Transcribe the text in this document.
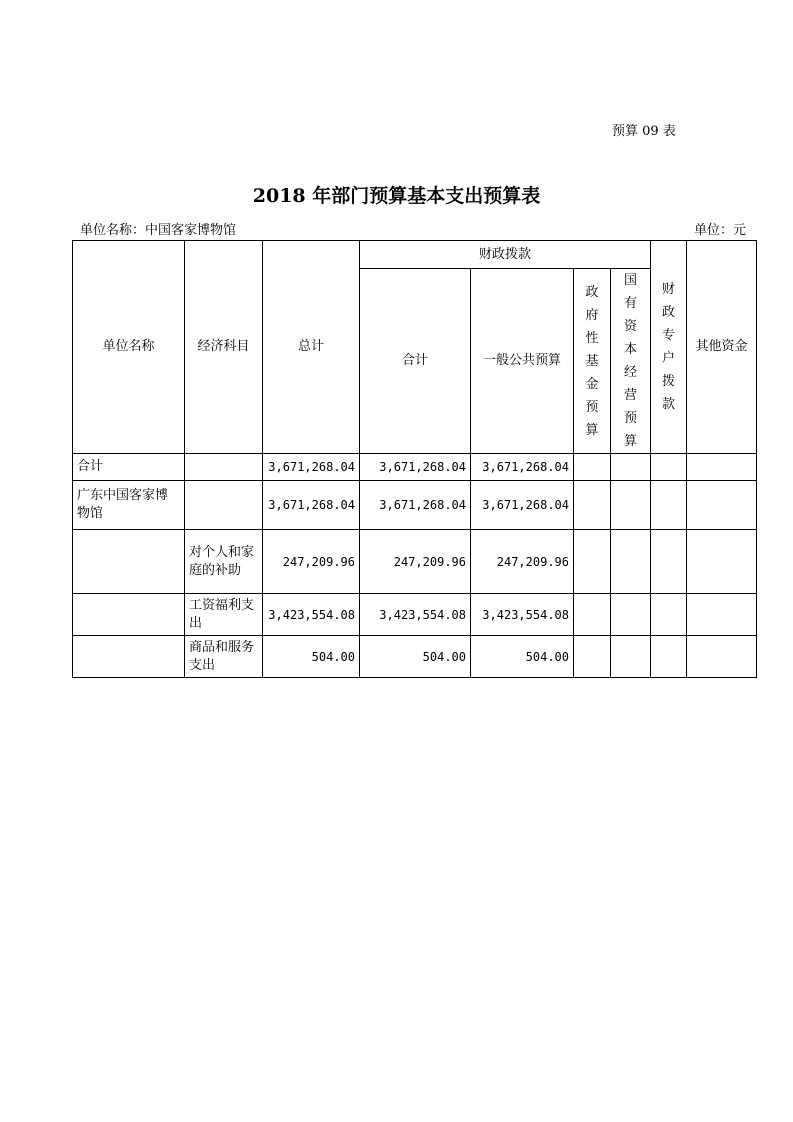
预算 09 表
2018 年部门预算基本支出预算表
单位名称：中国客家博物馆	单位：元
单位名称	经济科目	总计	财政拨款				财政专户拨款	其他资金
			合计	一般公共预算	政府性基金预算	国有资本经营预算		
合计		3,671,268.04	3,671,268.04	3,671,268.04				
广东中国客家博物馆		3,671,268.04	3,671,268.04	3,671,268.04				
	对个人和家庭的补助	247,209.96	247,209.96	247,209.96				
	工资福利支出	3,423,554.08	3,423,554.08	3,423,554.08				
	商品和服务支出	504.00	504.00	504.00				
